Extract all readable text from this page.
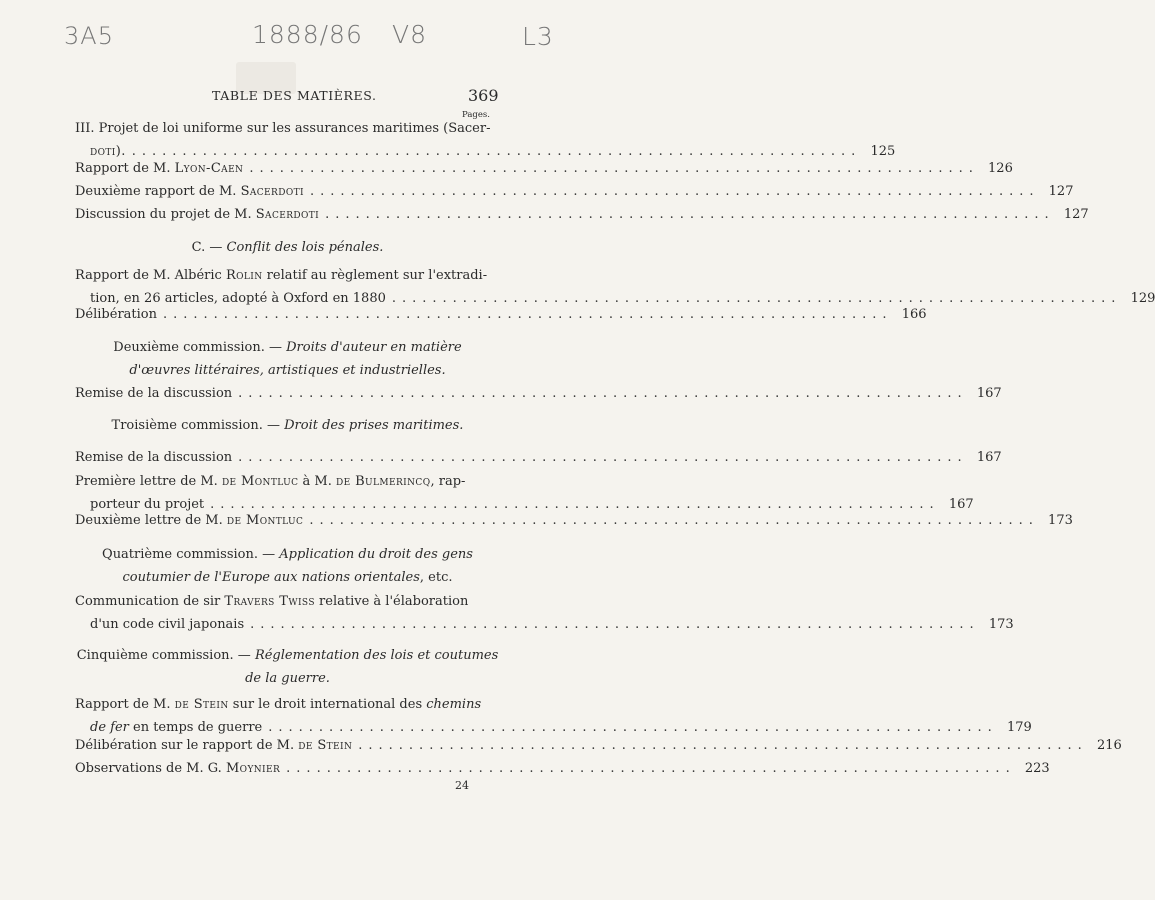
3A5	1888/86 V8	L3
TABLE DES MATIÈRES.	369
Pages.
III. Projet de loi uniforme sur les assurances maritimes (Sacer-
doti). ........................................................................ 125
Rapport de M. Lyon-Caen ........................................................................ 126
Deuxième rapport de M. Sacerdoti ........................................................................ 127
Discussion du projet de M. Sacerdoti ........................................................................ 127
C. — Conflit des lois pénales.
Rapport de M. Albéric Rolin relatif au règlement sur l'extradi-
tion, en 26 articles, adopté à Oxford en 1880 ........................................................................ 129
Délibération ........................................................................ 166
Deuxième commission. — Droits d'auteur en matière
d'œuvres littéraires, artistiques et industrielles.
Remise de la discussion ........................................................................ 167
Troisième commission. — Droit des prises maritimes.
Remise de la discussion ........................................................................ 167
Première lettre de M. de Montluc à M. de Bulmerincq, rap-
porteur du projet ........................................................................ 167
Deuxième lettre de M. de Montluc ........................................................................ 173
Quatrième commission. — Application du droit des gens
coutumier de l'Europe aux nations orientales, etc.
Communication de sir Travers Twiss relative à l'élaboration
d'un code civil japonais ........................................................................ 173
Cinquième commission. — Réglementation des lois et coutumes
de la guerre.
Rapport de M. de Stein sur le droit international des chemins
de fer en temps de guerre ........................................................................ 179
Délibération sur le rapport de M. de Stein ........................................................................ 216
Observations de M. G. Moynier ........................................................................ 223
24
